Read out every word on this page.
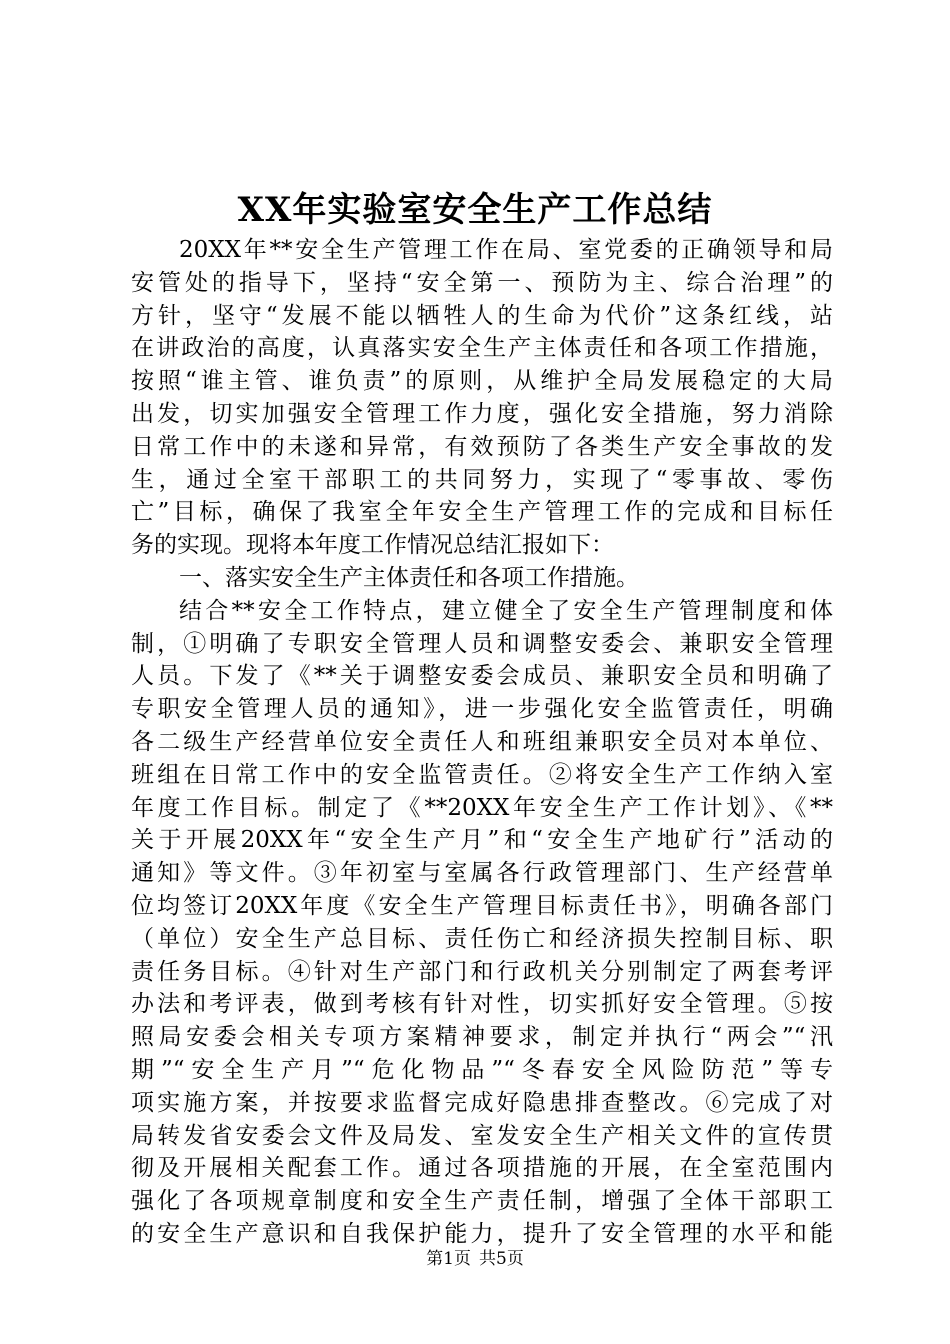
XX年实验室安全生产工作总结
20XX年**安全生产管理工作在局、室党委的正确领导和局
安管处的指导下，坚持“安全第一、预防为主、综合治理”的
方针，坚守“发展不能以牺牲人的生命为代价”这条红线，站
在讲政治的高度，认真落实安全生产主体责任和各项工作措施，
按照“谁主管、谁负责”的原则，从维护全局发展稳定的大局
出发，切实加强安全管理工作力度，强化安全措施，努力消除
日常工作中的未遂和异常，有效预防了各类生产安全事故的发
生，通过全室干部职工的共同努力，实现了“零事故、零伤
亡”目标，确保了我室全年安全生产管理工作的完成和目标任
务的实现。现将本年度工作情况总结汇报如下：
一、落实安全生产主体责任和各项工作措施。
结合**安全工作特点，建立健全了安全生产管理制度和体
制，①明确了专职安全管理人员和调整安委会、兼职安全管理
人员。下发了《**关于调整安委会成员、兼职安全员和明确了
专职安全管理人员的通知》，进一步强化安全监管责任，明确
各二级生产经营单位安全责任人和班组兼职安全员对本单位、
班组在日常工作中的安全监管责任。②将安全生产工作纳入室
年度工作目标。制定了《**20XX年安全生产工作计划》、《**
关于开展20XX年“安全生产月”和“安全生产地矿行”活动的
通知》等文件。③年初室与室属各行政管理部门、生产经营单
位均签订20XX年度《安全生产管理目标责任书》，明确各部门
（单位）安全生产总目标、责任伤亡和经济损失控制目标、职
责任务目标。④针对生产部门和行政机关分别制定了两套考评
办法和考评表，做到考核有针对性，切实抓好安全管理。⑤按
照局安委会相关专项方案精神要求，制定并执行“两会”“汛
期”“安全生产月”“危化物品”“冬春安全风险防范”等专
项实施方案，并按要求监督完成好隐患排查整改。⑥完成了对
局转发省安委会文件及局发、室发安全生产相关文件的宣传贯
彻及开展相关配套工作。通过各项措施的开展，在全室范围内
强化了各项规章制度和安全生产责任制，增强了全体干部职工
的安全生产意识和自我保护能力，提升了安全管理的水平和能
第1页 共5页
